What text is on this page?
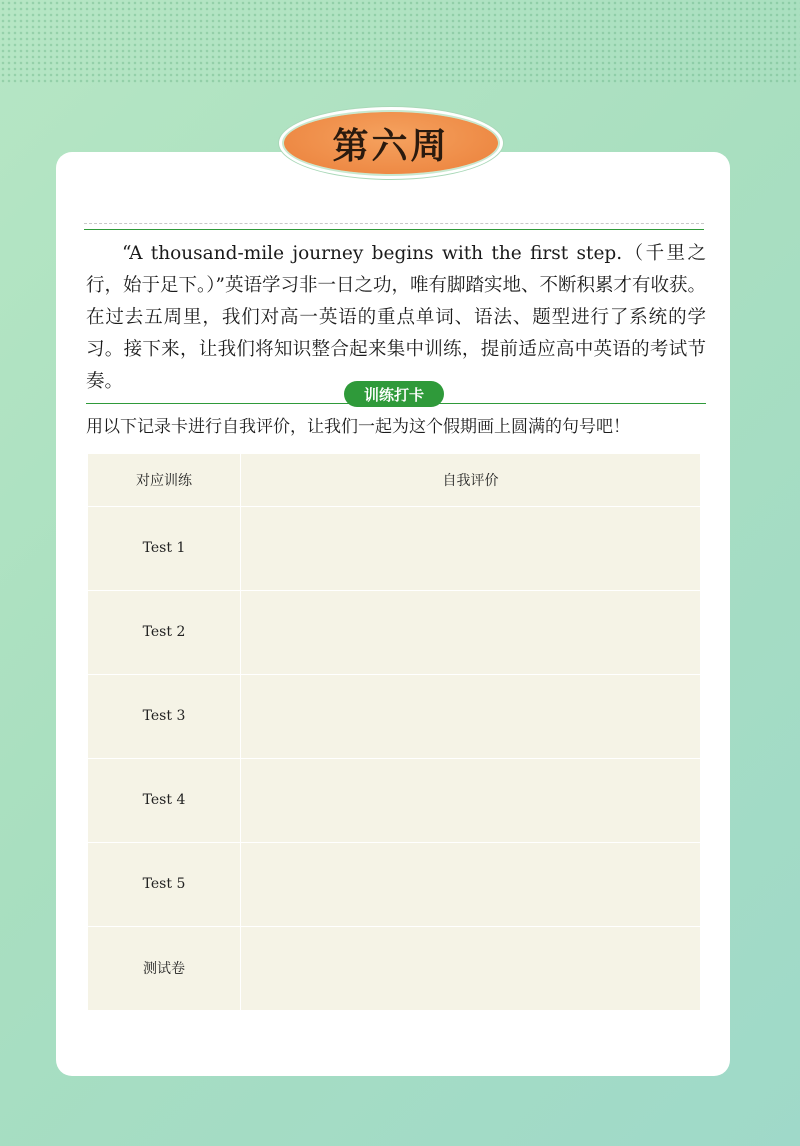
第六周

“A thousand-mile journey begins with the first step.（千里之行，始于足下。）”英语学习非一日之功，唯有脚踏实地、不断积累才有收获。在过去五周里，我们对高一英语的重点单词、语法、题型进行了系统的学习。接下来，让我们将知识整合起来集中训练，提前适应高中英语的考试节奏。

训练打卡

用以下记录卡进行自我评价，让我们一起为这个假期画上圆满的句号吧！

对应训练	自我评价
Test 1
Test 2
Test 3
Test 4
Test 5
测试卷
